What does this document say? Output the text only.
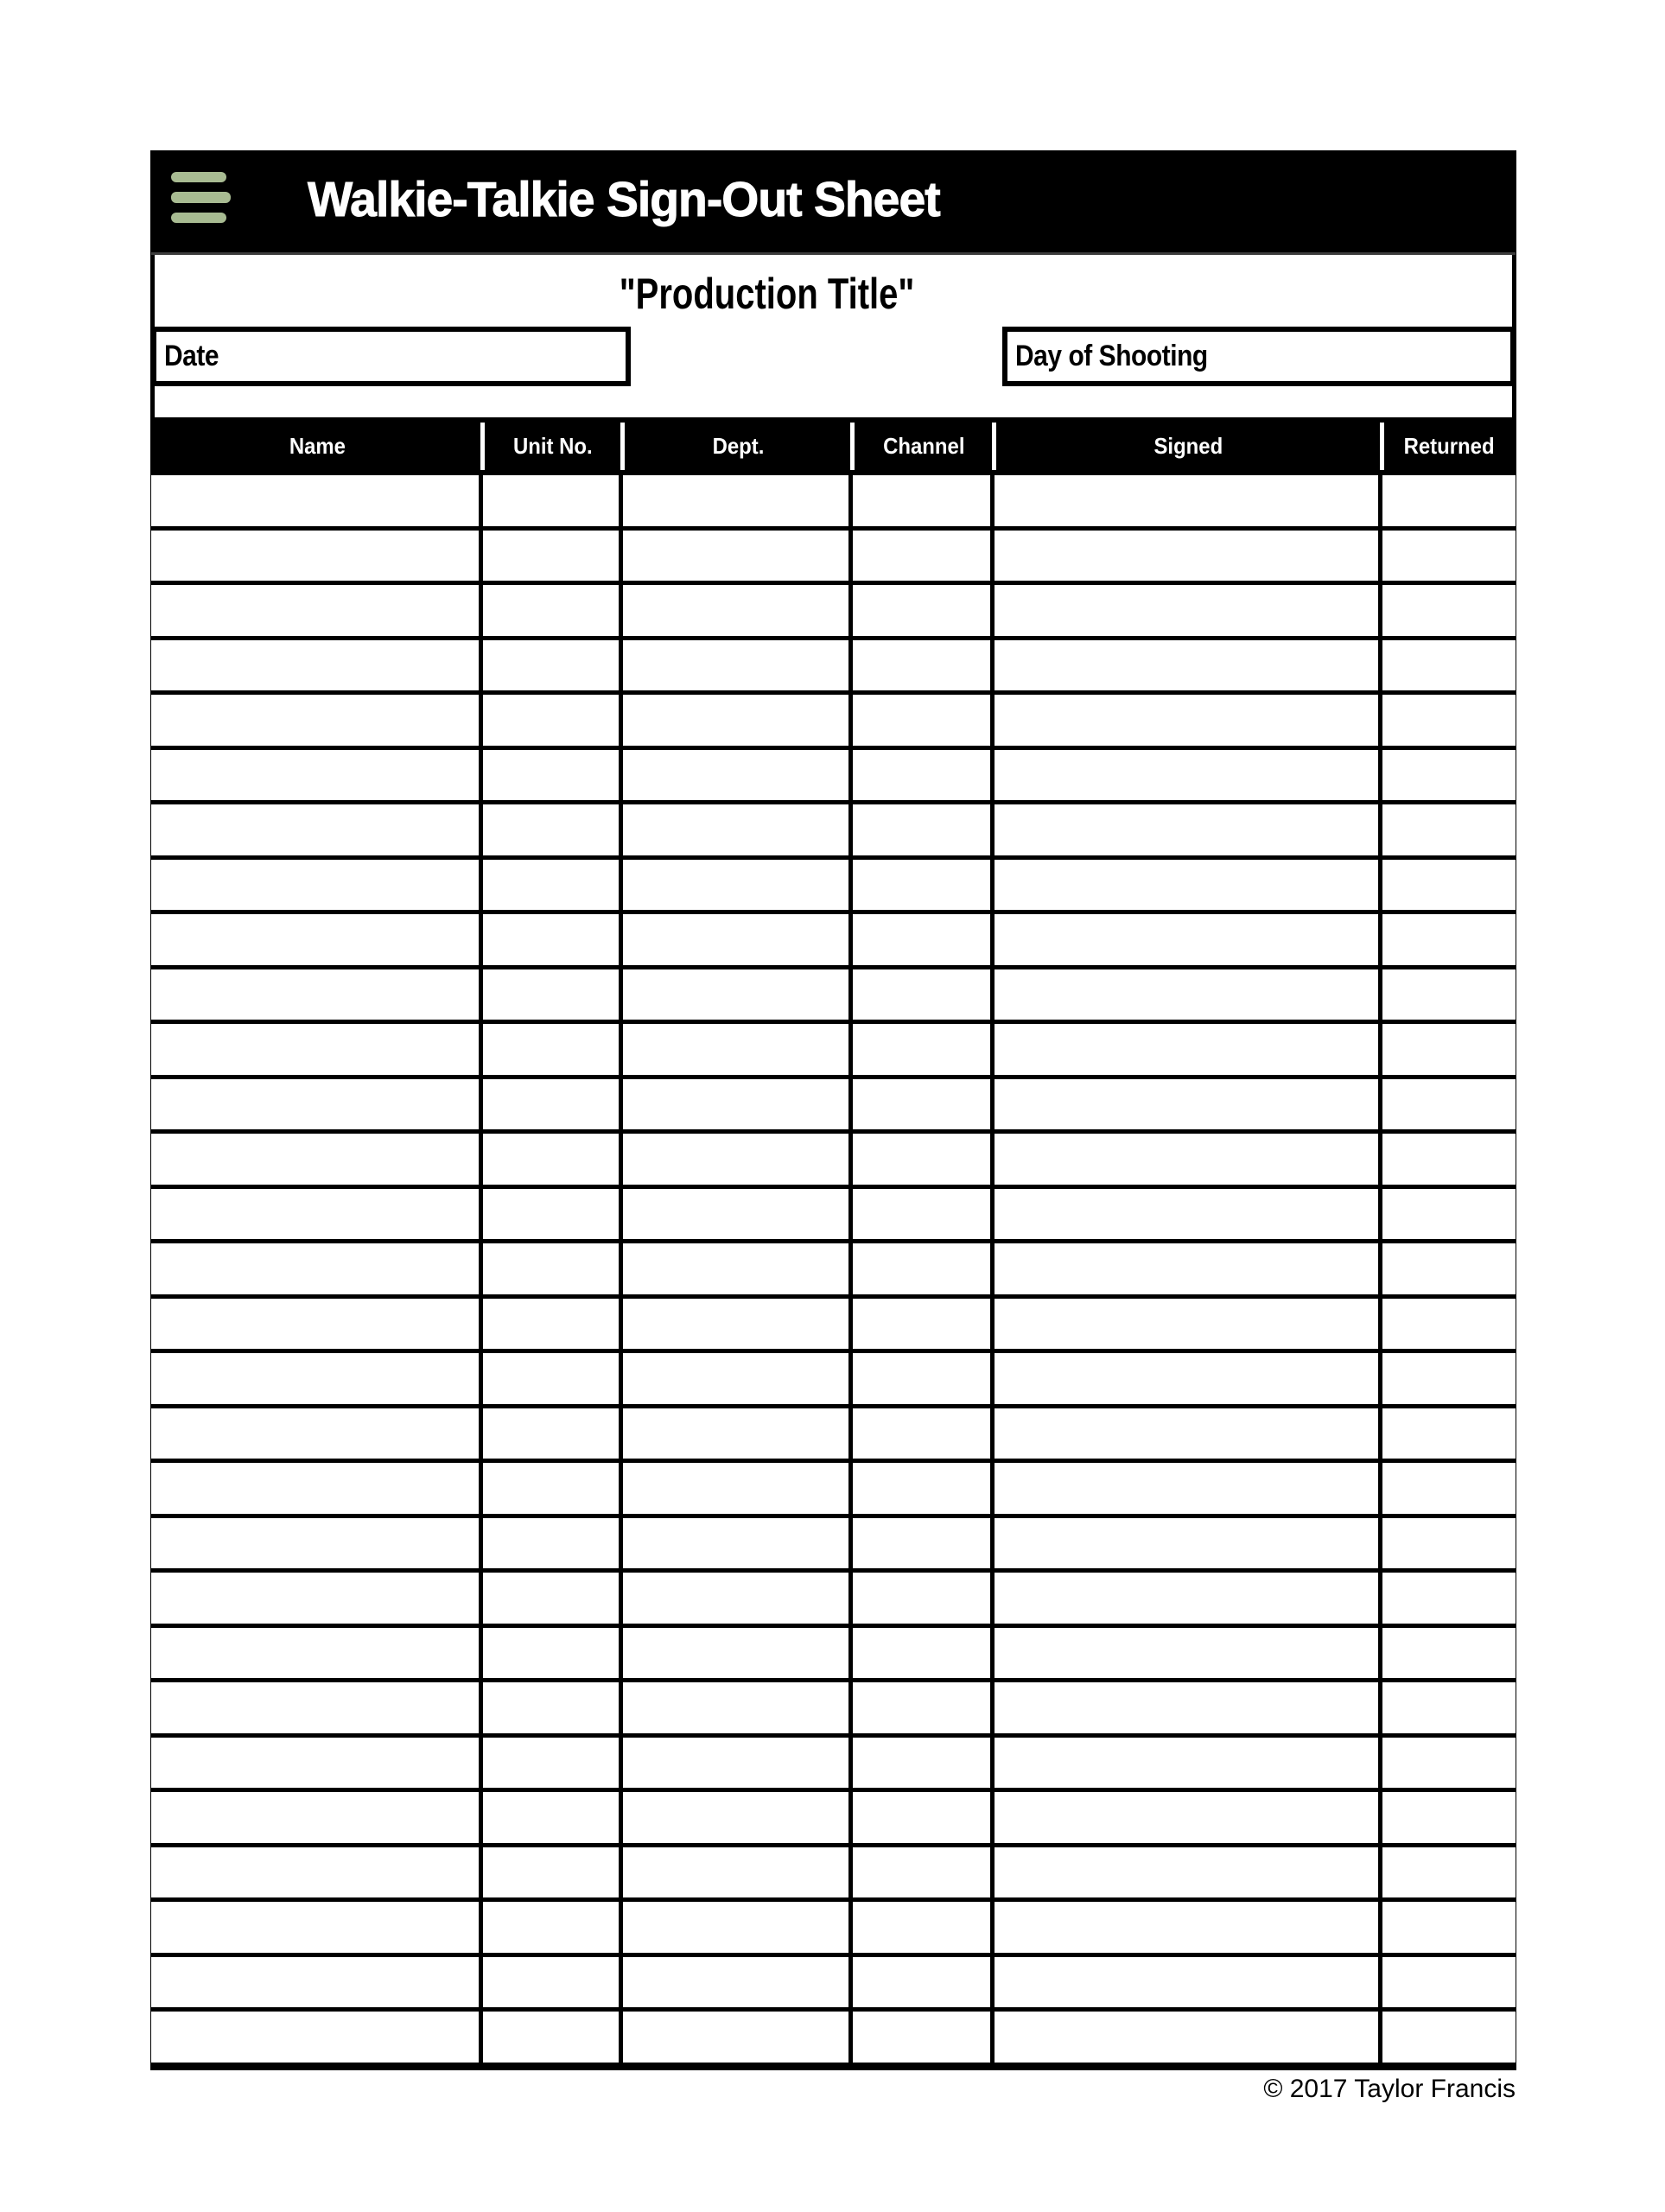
Walkie-Talkie Sign-Out Sheet
"Production Title"
Date	Day of Shooting
Name	Unit No.	Dept.	Channel	Signed	Returned
© 2017 Taylor Francis
